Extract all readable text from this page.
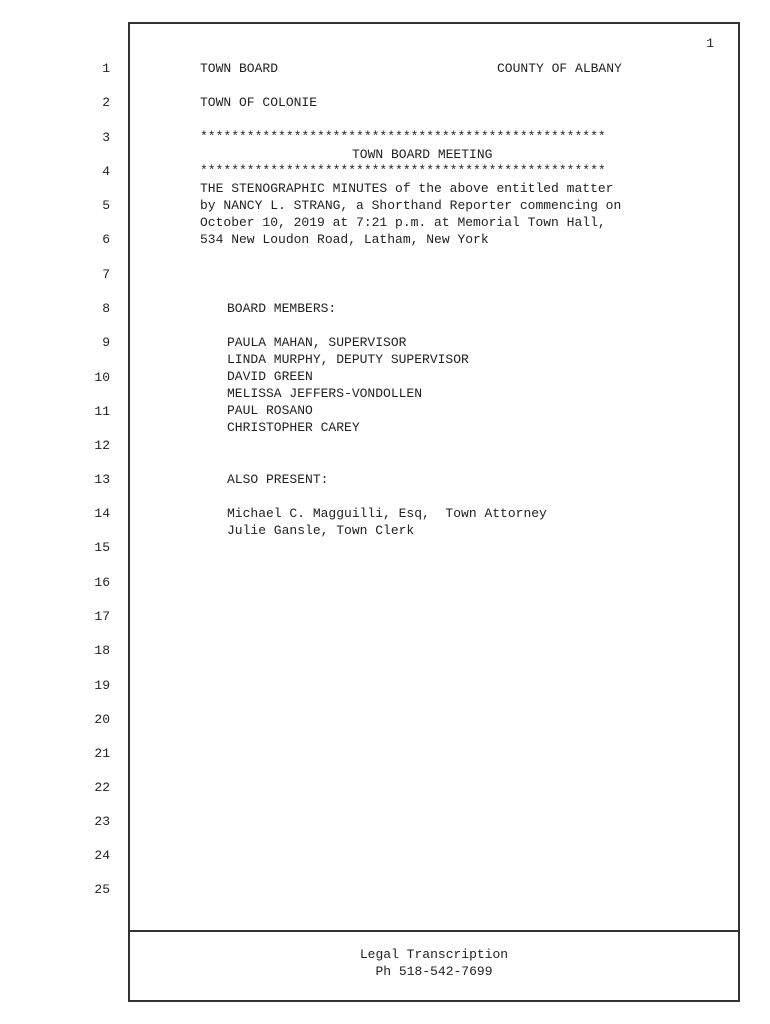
1
1
2
3
4
5
6
7
8
9
10
11
12
13
14
15
16
17
18
19
20
21
22
23
24
25
TOWN BOARD	COUNTY OF ALBANY
TOWN OF COLONIE
****************************************************
TOWN BOARD MEETING
****************************************************
THE STENOGRAPHIC MINUTES of the above entitled matter
by NANCY L. STRANG, a Shorthand Reporter commencing on
October 10, 2019 at 7:21 p.m. at Memorial Town Hall,
534 New Loudon Road, Latham, New York
BOARD MEMBERS:
PAULA MAHAN, SUPERVISOR
LINDA MURPHY, DEPUTY SUPERVISOR
DAVID GREEN
MELISSA JEFFERS-VONDOLLEN
PAUL ROSANO
CHRISTOPHER CAREY
ALSO PRESENT:
Michael C. Magguilli, Esq,  Town Attorney
Julie Gansle, Town Clerk
Legal Transcription
Ph 518-542-7699
